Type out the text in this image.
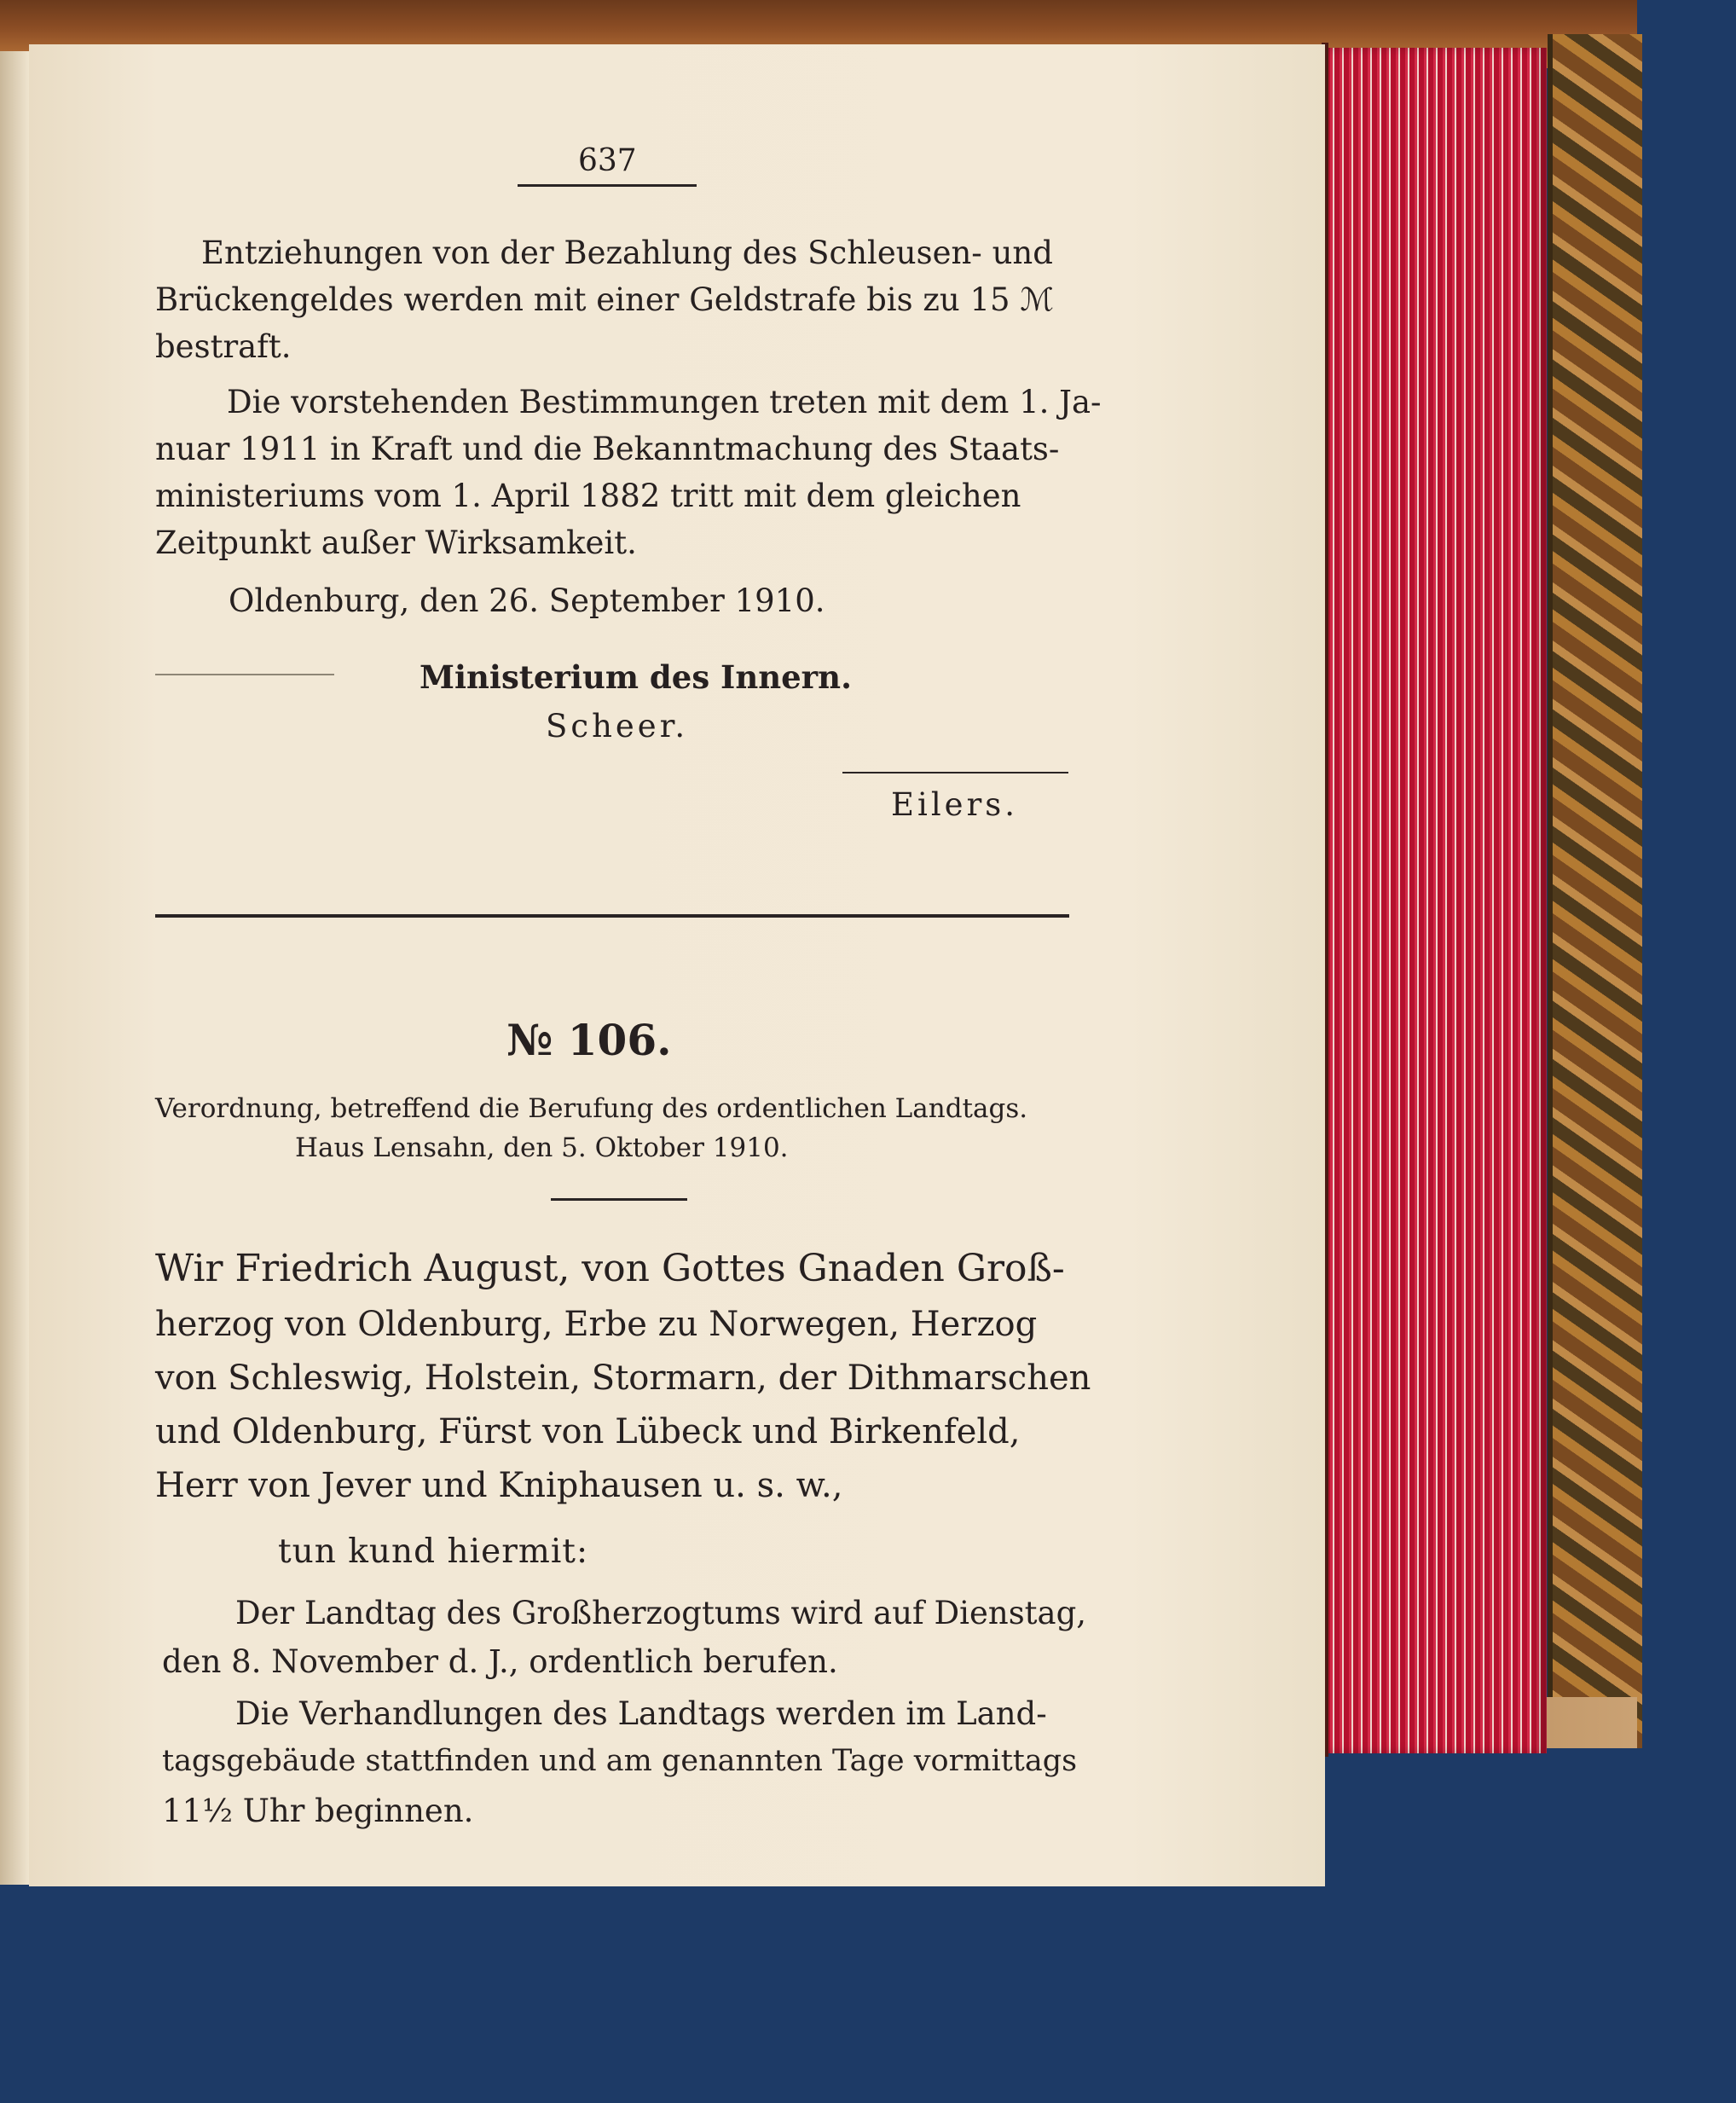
637
Entziehungen von der Bezahlung des Schleusen- und
Brückengeldes werden mit einer Geldstrafe bis zu 15 ℳ
bestraft.
Die vorstehenden Bestimmungen treten mit dem 1. Ja-
nuar 1911 in Kraft und die Bekanntmachung des Staats-
ministeriums vom 1. April 1882 tritt mit dem gleichen
Zeitpunkt außer Wirksamkeit.
Oldenburg, den 26. September 1910.
Ministerium des Innern.
Scheer.
Eilers.
№ 106.
Verordnung, betreffend die Berufung des ordentlichen Landtags.
Haus Lensahn, den 5. Oktober 1910.
Wir Friedrich August, von Gottes Gnaden Groß-
herzog von Oldenburg, Erbe zu Norwegen, Herzog
von Schleswig, Holstein, Stormarn, der Dithmarschen
und Oldenburg, Fürst von Lübeck und Birkenfeld,
Herr von Jever und Kniphausen u. s. w.,
tun kund hiermit:
Der Landtag des Großherzogtums wird auf Dienstag,
den 8. November d. J., ordentlich berufen.
Die Verhandlungen des Landtags werden im Land-
tagsgebäude stattfinden und am genannten Tage vormittags
11½ Uhr beginnen.
